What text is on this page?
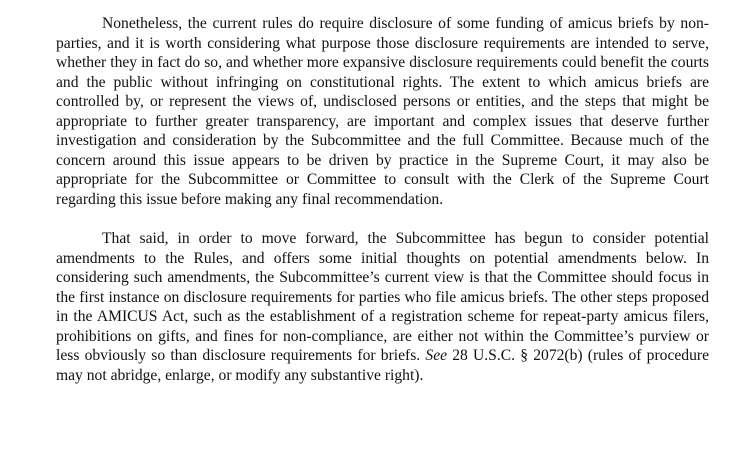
Nonetheless, the current rules do require disclosure of some funding of amicus briefs by non-parties, and it is worth considering what purpose those disclosure requirements are intended to serve, whether they in fact do so, and whether more expansive disclosure requirements could benefit the courts and the public without infringing on constitutional rights. The extent to which amicus briefs are controlled by, or represent the views of, undisclosed persons or entities, and the steps that might be appropriate to further greater transparency, are important and complex issues that deserve further investigation and consideration by the Subcommittee and the full Committee. Because much of the concern around this issue appears to be driven by practice in the Supreme Court, it may also be appropriate for the Subcommittee or Committee to consult with the Clerk of the Supreme Court regarding this issue before making any final recommendation.

That said, in order to move forward, the Subcommittee has begun to consider potential amendments to the Rules, and offers some initial thoughts on potential amendments below. In considering such amendments, the Subcommittee’s current view is that the Committee should focus in the first instance on disclosure requirements for parties who file amicus briefs. The other steps proposed in the AMICUS Act, such as the establishment of a registration scheme for repeat-party amicus filers, prohibitions on gifts, and fines for non-compliance, are either not within the Committee’s purview or less obviously so than disclosure requirements for briefs. See 28 U.S.C. § 2072(b) (rules of procedure may not abridge, enlarge, or modify any substantive right).
